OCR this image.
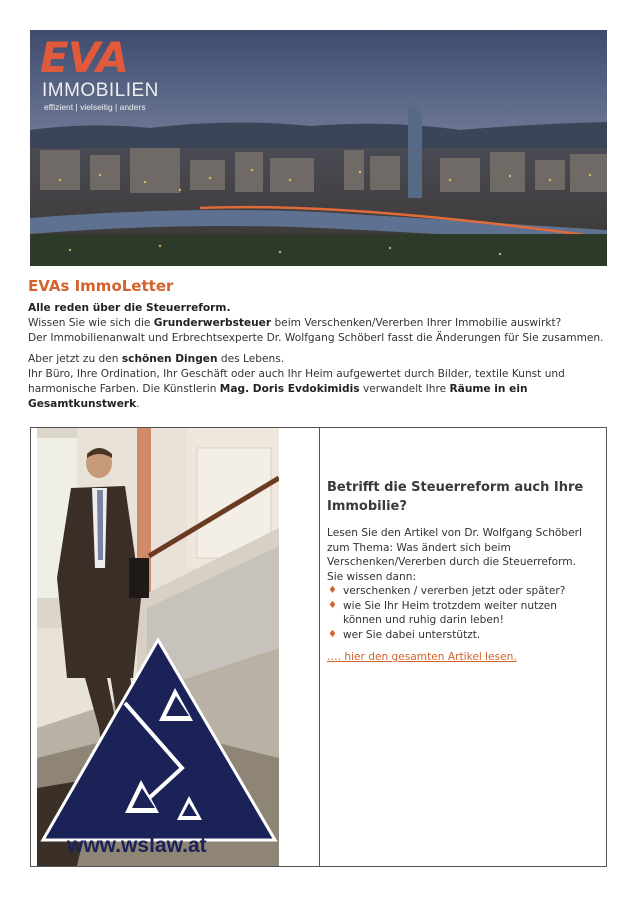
EVA
IMMOBILIEN
effizient | vielseitig | anders
EVAs ImmoLetter

Alle reden über die Steuerreform.
Wissen Sie wie sich die Grunderwerbsteuer beim Verschenken/Vererben Ihrer Immobilie auswirkt?
Der Immobilienanwalt und Erbrechtsexperte Dr. Wolfgang Schöberl fasst die Änderungen für Sie zusammen.

Aber jetzt zu den schönen Dingen des Lebens.
Ihr Büro, Ihre Ordination, Ihr Geschäft oder auch Ihr Heim aufgewertet durch Bilder, textile Kunst und harmonische Farben. Die Künstlerin Mag. Doris Evdokimidis verwandelt Ihre Räume in ein Gesamtkunstwerk.

www.wslaw.at
Betrifft die Steuerreform auch Ihre Immobilie?

Lesen Sie den Artikel von Dr. Wolfgang Schöberl zum Thema: Was ändert sich beim Verschenken/Vererben durch die Steuerreform.

Sie wissen dann:

♦ verschenken / vererben jetzt oder später?
♦ wie Sie Ihr Heim trotzdem weiter nutzen können und ruhig darin leben!
♦ wer Sie dabei unterstützt.
…. hier den gesamten Artikel lesen.
